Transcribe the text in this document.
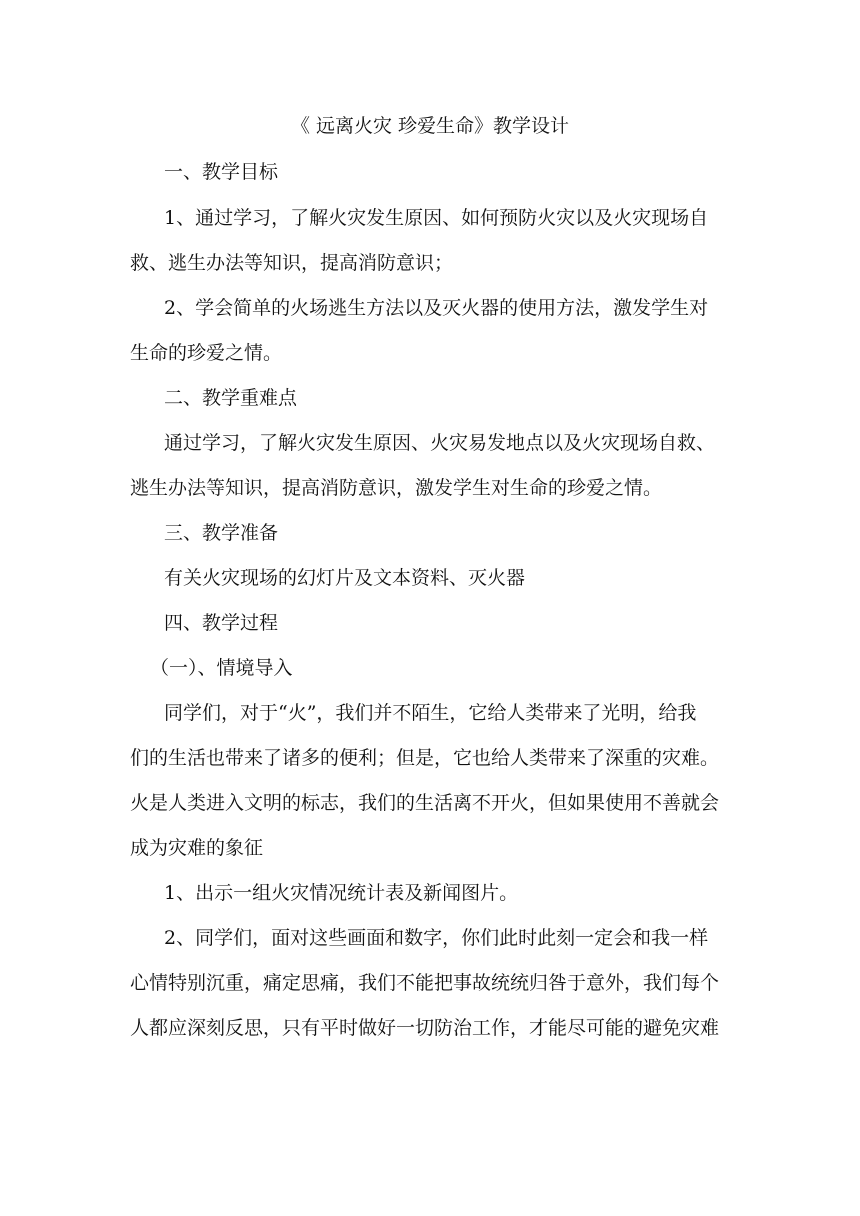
《 远离火灾 珍爱生命》教学设计
一、教学目标
1、通过学习，了解火灾发生原因、如何预防火灾以及火灾现场自
救、逃生办法等知识，提高消防意识；
2、学会简单的火场逃生方法以及灭火器的使用方法，激发学生对
生命的珍爱之情。
二、教学重难点
通过学习，了解火灾发生原因、火灾易发地点以及火灾现场自救、
逃生办法等知识，提高消防意识，激发学生对生命的珍爱之情。
三、教学准备
有关火灾现场的幻灯片及文本资料、灭火器
四、教学过程
（一）、情境导入
同学们，对于“火”，我们并不陌生，它给人类带来了光明，给我
们的生活也带来了诸多的便利；但是，它也给人类带来了深重的灾难。
火是人类进入文明的标志，我们的生活离不开火，但如果使用不善就会
成为灾难的象征
1、出示一组火灾情况统计表及新闻图片。
2、同学们，面对这些画面和数字，你们此时此刻一定会和我一样
心情特别沉重，痛定思痛，我们不能把事故统统归咎于意外，我们每个
人都应深刻反思，只有平时做好一切防治工作，才能尽可能的避免灾难
